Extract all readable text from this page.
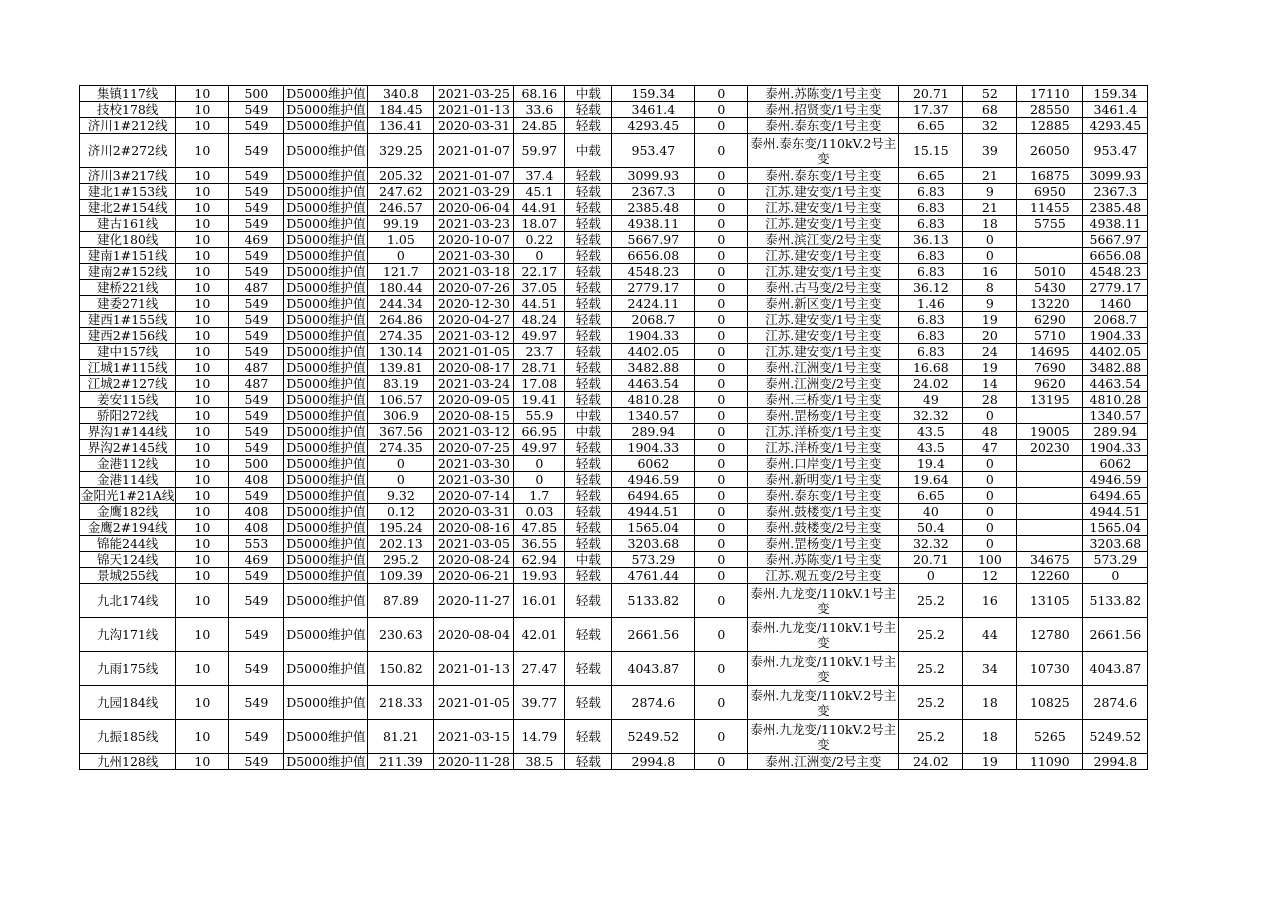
集镇117线	10	500	D5000维护值	340.8	2021-03-25	68.16	中载	159.34	0	泰州.苏陈变/1号主变	20.71	52	17110	159.34
技校178线	10	549	D5000维护值	184.45	2021-01-13	33.6	轻载	3461.4	0	泰州.招贤变/1号主变	17.37	68	28550	3461.4
济川1#212线	10	549	D5000维护值	136.41	2020-03-31	24.85	轻载	4293.45	0	泰州.泰东变/1号主变	6.65	32	12885	4293.45
济川2#272线	10	549	D5000维护值	329.25	2021-01-07	59.97	中载	953.47	0	泰州.泰东变/110kV.2号主变	15.15	39	26050	953.47
济川3#217线	10	549	D5000维护值	205.32	2021-01-07	37.4	轻载	3099.93	0	泰州.泰东变/1号主变	6.65	21	16875	3099.93
建北1#153线	10	549	D5000维护值	247.62	2021-03-29	45.1	轻载	2367.3	0	江苏.建安变/1号主变	6.83	9	6950	2367.3
建北2#154线	10	549	D5000维护值	246.57	2020-06-04	44.91	轻载	2385.48	0	江苏.建安变/1号主变	6.83	21	11455	2385.48
建古161线	10	549	D5000维护值	99.19	2021-03-23	18.07	轻载	4938.11	0	江苏.建安变/1号主变	6.83	18	5755	4938.11
建化180线	10	469	D5000维护值	1.05	2020-10-07	0.22	轻载	5667.97	0	泰州.滨江变/2号主变	36.13	0		5667.97
建南1#151线	10	549	D5000维护值	0	2021-03-30	0	轻载	6656.08	0	江苏.建安变/1号主变	6.83	0		6656.08
建南2#152线	10	549	D5000维护值	121.7	2021-03-18	22.17	轻载	4548.23	0	江苏.建安变/1号主变	6.83	16	5010	4548.23
建桥221线	10	487	D5000维护值	180.44	2020-07-26	37.05	轻载	2779.17	0	泰州.古马变/2号主变	36.12	8	5430	2779.17
建委271线	10	549	D5000维护值	244.34	2020-12-30	44.51	轻载	2424.11	0	泰州.新区变/1号主变	1.46	9	13220	1460
建西1#155线	10	549	D5000维护值	264.86	2020-04-27	48.24	轻载	2068.7	0	江苏.建安变/1号主变	6.83	19	6290	2068.7
建西2#156线	10	549	D5000维护值	274.35	2021-03-12	49.97	轻载	1904.33	0	江苏.建安变/1号主变	6.83	20	5710	1904.33
建中157线	10	549	D5000维护值	130.14	2021-01-05	23.7	轻载	4402.05	0	江苏.建安变/1号主变	6.83	24	14695	4402.05
江城1#115线	10	487	D5000维护值	139.81	2020-08-17	28.71	轻载	3482.88	0	泰州.江洲变/1号主变	16.68	19	7690	3482.88
江城2#127线	10	487	D5000维护值	83.19	2021-03-24	17.08	轻载	4463.54	0	泰州.江洲变/2号主变	24.02	14	9620	4463.54
姜安115线	10	549	D5000维护值	106.57	2020-09-05	19.41	轻载	4810.28	0	泰州.三桥变/1号主变	49	28	13195	4810.28
骄阳272线	10	549	D5000维护值	306.9	2020-08-15	55.9	中载	1340.57	0	泰州.罡杨变/1号主变	32.32	0		1340.57
界沟1#144线	10	549	D5000维护值	367.56	2021-03-12	66.95	中载	289.94	0	江苏.洋桥变/1号主变	43.5	48	19005	289.94
界沟2#145线	10	549	D5000维护值	274.35	2020-07-25	49.97	轻载	1904.33	0	江苏.洋桥变/1号主变	43.5	47	20230	1904.33
金港112线	10	500	D5000维护值	0	2021-03-30	0	轻载	6062	0	泰州.口岸变/1号主变	19.4	0		6062
金港114线	10	408	D5000维护值	0	2021-03-30	0	轻载	4946.59	0	泰州.新明变/1号主变	19.64	0		4946.59
金阳光1#21A线	10	549	D5000维护值	9.32	2020-07-14	1.7	轻载	6494.65	0	泰州.泰东变/1号主变	6.65	0		6494.65
金鹰182线	10	408	D5000维护值	0.12	2020-03-31	0.03	轻载	4944.51	0	泰州.鼓楼变/1号主变	40	0		4944.51
金鹰2#194线	10	408	D5000维护值	195.24	2020-08-16	47.85	轻载	1565.04	0	泰州.鼓楼变/2号主变	50.4	0		1565.04
锦能244线	10	553	D5000维护值	202.13	2021-03-05	36.55	轻载	3203.68	0	泰州.罡杨变/1号主变	32.32	0		3203.68
锦天124线	10	469	D5000维护值	295.2	2020-08-24	62.94	中载	573.29	0	泰州.苏陈变/1号主变	20.71	100	34675	573.29
景城255线	10	549	D5000维护值	109.39	2020-06-21	19.93	轻载	4761.44	0	江苏.观五变/2号主变	0	12	12260	0
九北174线	10	549	D5000维护值	87.89	2020-11-27	16.01	轻载	5133.82	0	泰州.九龙变/110kV.1号主变	25.2	16	13105	5133.82
九沟171线	10	549	D5000维护值	230.63	2020-08-04	42.01	轻载	2661.56	0	泰州.九龙变/110kV.1号主变	25.2	44	12780	2661.56
九雨175线	10	549	D5000维护值	150.82	2021-01-13	27.47	轻载	4043.87	0	泰州.九龙变/110kV.1号主变	25.2	34	10730	4043.87
九园184线	10	549	D5000维护值	218.33	2021-01-05	39.77	轻载	2874.6	0	泰州.九龙变/110kV.2号主变	25.2	18	10825	2874.6
九振185线	10	549	D5000维护值	81.21	2021-03-15	14.79	轻载	5249.52	0	泰州.九龙变/110kV.2号主变	25.2	18	5265	5249.52
九州128线	10	549	D5000维护值	211.39	2020-11-28	38.5	轻载	2994.8	0	泰州.江洲变/2号主变	24.02	19	11090	2994.8
